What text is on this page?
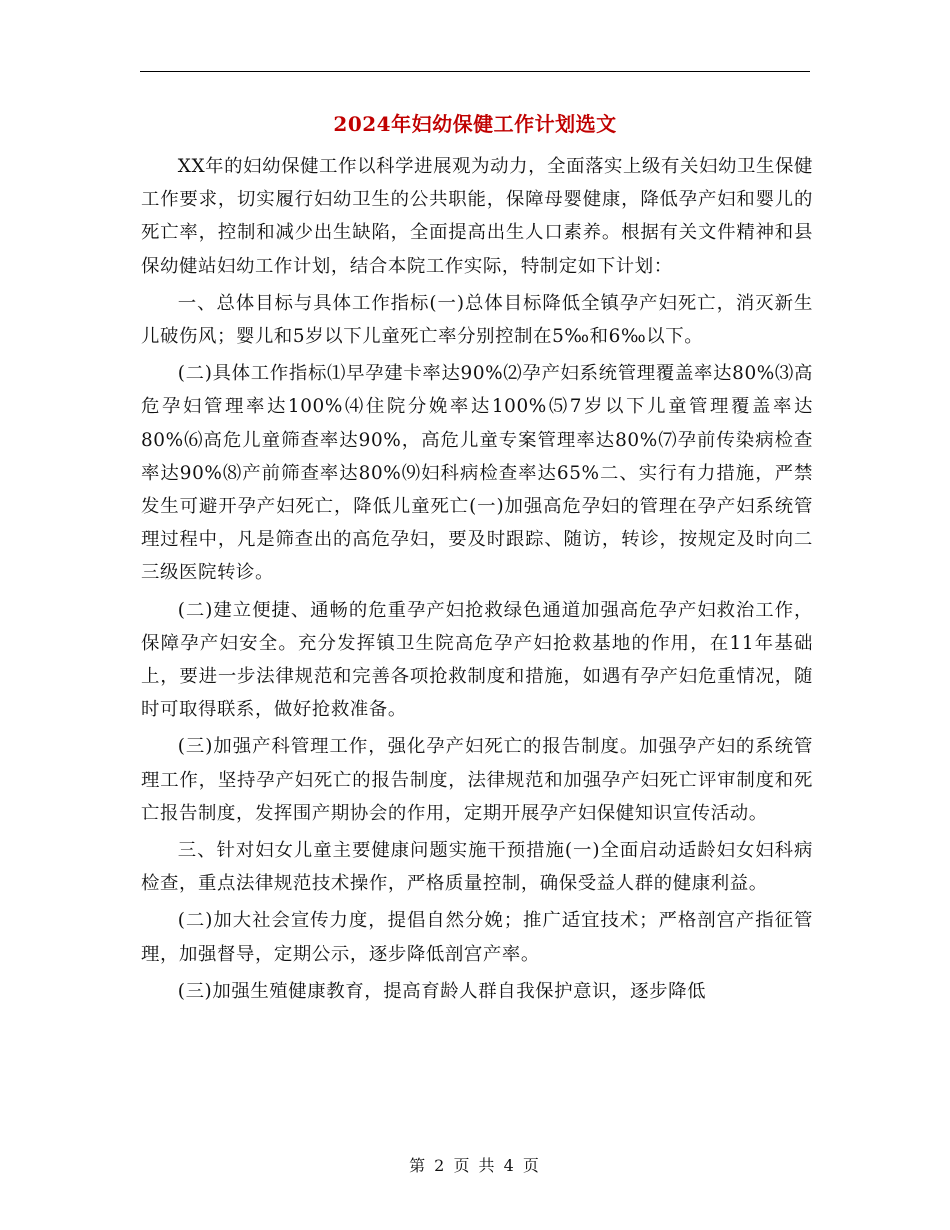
2024年妇幼保健工作计划选文

XX年的妇幼保健工作以科学进展观为动力，全面落实上级有关妇幼卫生保健工作要求，切实履行妇幼卫生的公共职能，保障母婴健康，降低孕产妇和婴儿的死亡率，控制和减少出生缺陷，全面提高出生人口素养。根据有关文件精神和县保幼健站妇幼工作计划，结合本院工作实际，特制定如下计划：

一、总体目标与具体工作指标(一)总体目标降低全镇孕产妇死亡，消灭新生儿破伤风；婴儿和5岁以下儿童死亡率分别控制在5‰和6‰以下。

(二)具体工作指标⑴早孕建卡率达90%⑵孕产妇系统管理覆盖率达80%⑶高危孕妇管理率达100%⑷住院分娩率达100%⑸7岁以下儿童管理覆盖率达80%⑹高危儿童筛查率达90%，高危儿童专案管理率达80%⑺孕前传染病检查率达90%⑻产前筛查率达80%⑼妇科病检查率达65%二、实行有力措施，严禁发生可避开孕产妇死亡，降低儿童死亡(一)加强高危孕妇的管理在孕产妇系统管理过程中，凡是筛查出的高危孕妇，要及时跟踪、随访，转诊，按规定及时向二三级医院转诊。

(二)建立便捷、通畅的危重孕产妇抢救绿色通道加强高危孕产妇救治工作，保障孕产妇安全。充分发挥镇卫生院高危孕产妇抢救基地的作用，在11年基础上，要进一步法律规范和完善各项抢救制度和措施，如遇有孕产妇危重情况，随时可取得联系，做好抢救准备。

(三)加强产科管理工作，强化孕产妇死亡的报告制度。加强孕产妇的系统管理工作，坚持孕产妇死亡的报告制度，法律规范和加强孕产妇死亡评审制度和死亡报告制度，发挥围产期协会的作用，定期开展孕产妇保健知识宣传活动。

三、针对妇女儿童主要健康问题实施干预措施(一)全面启动适龄妇女妇科病检查，重点法律规范技术操作，严格质量控制，确保受益人群的健康利益。

(二)加大社会宣传力度，提倡自然分娩；推广适宜技术；严格剖宫产指征管理，加强督导，定期公示，逐步降低剖宫产率。

(三)加强生殖健康教育，提高育龄人群自我保护意识，逐步降低

第 2 页 共 4 页
